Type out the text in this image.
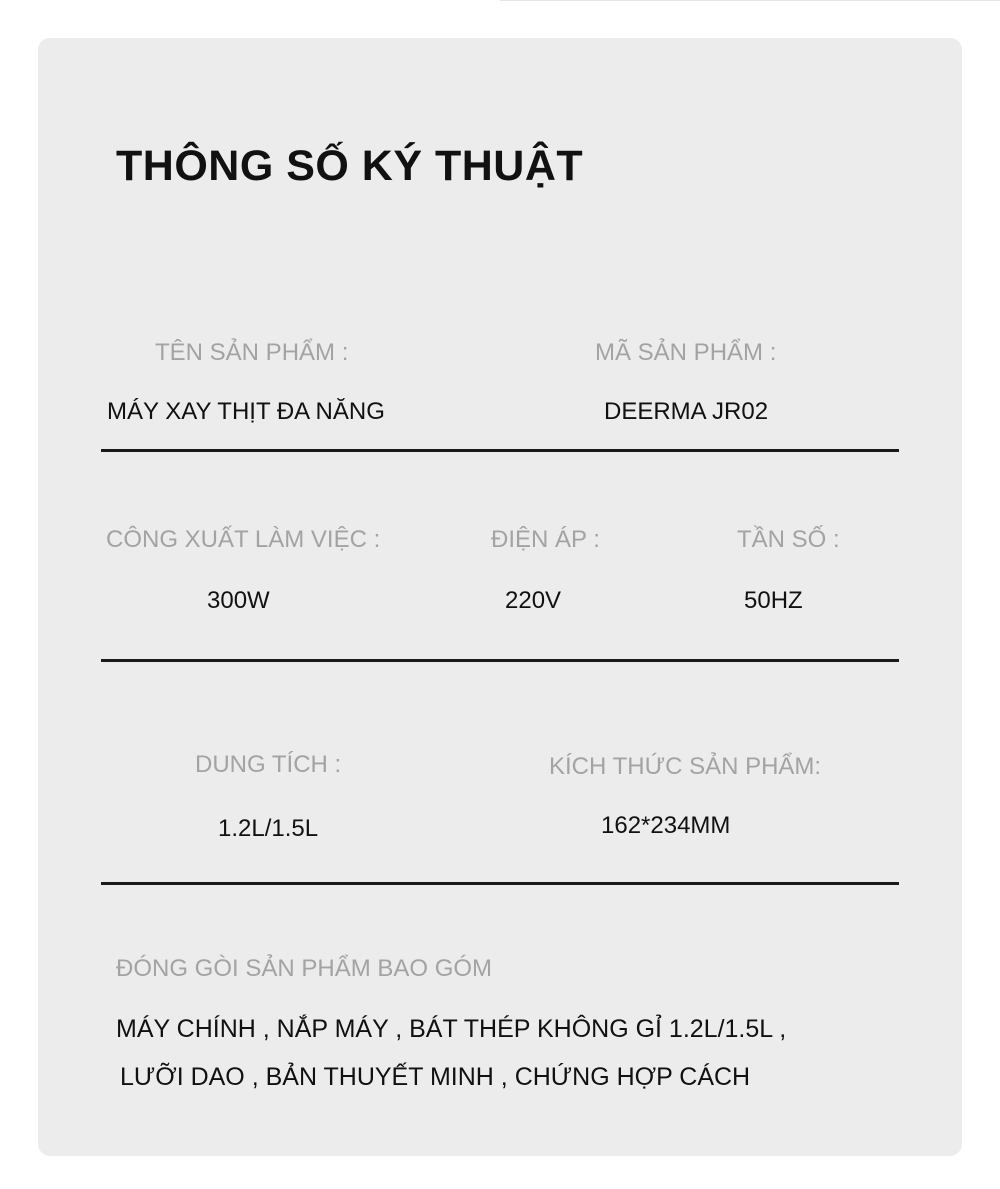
THÔNG SỐ KÝ THUẬT
TÊN SẢN PHẨM :
MÁY XAY THỊT ĐA NĂNG
MÃ SẢN PHẨM :
DEERMA JR02
CÔNG XUẤT LÀM VIỆC :
300W
ĐIỆN ÁP :
220V
TẦN SỐ :
50HZ
DUNG TÍCH :
1.2L/1.5L
KÍCH THỨC SẢN PHẨM:
162*234MM
ĐÓNG GÒI SẢN PHẨM BAO GÓM
MÁY CHÍNH , NẮP MÁY , BÁT THÉP KHÔNG GỈ 1.2L/1.5L ,
LƯỠI DAO , BẢN THUYẾT MINH , CHỨNG HỢP CÁCH
